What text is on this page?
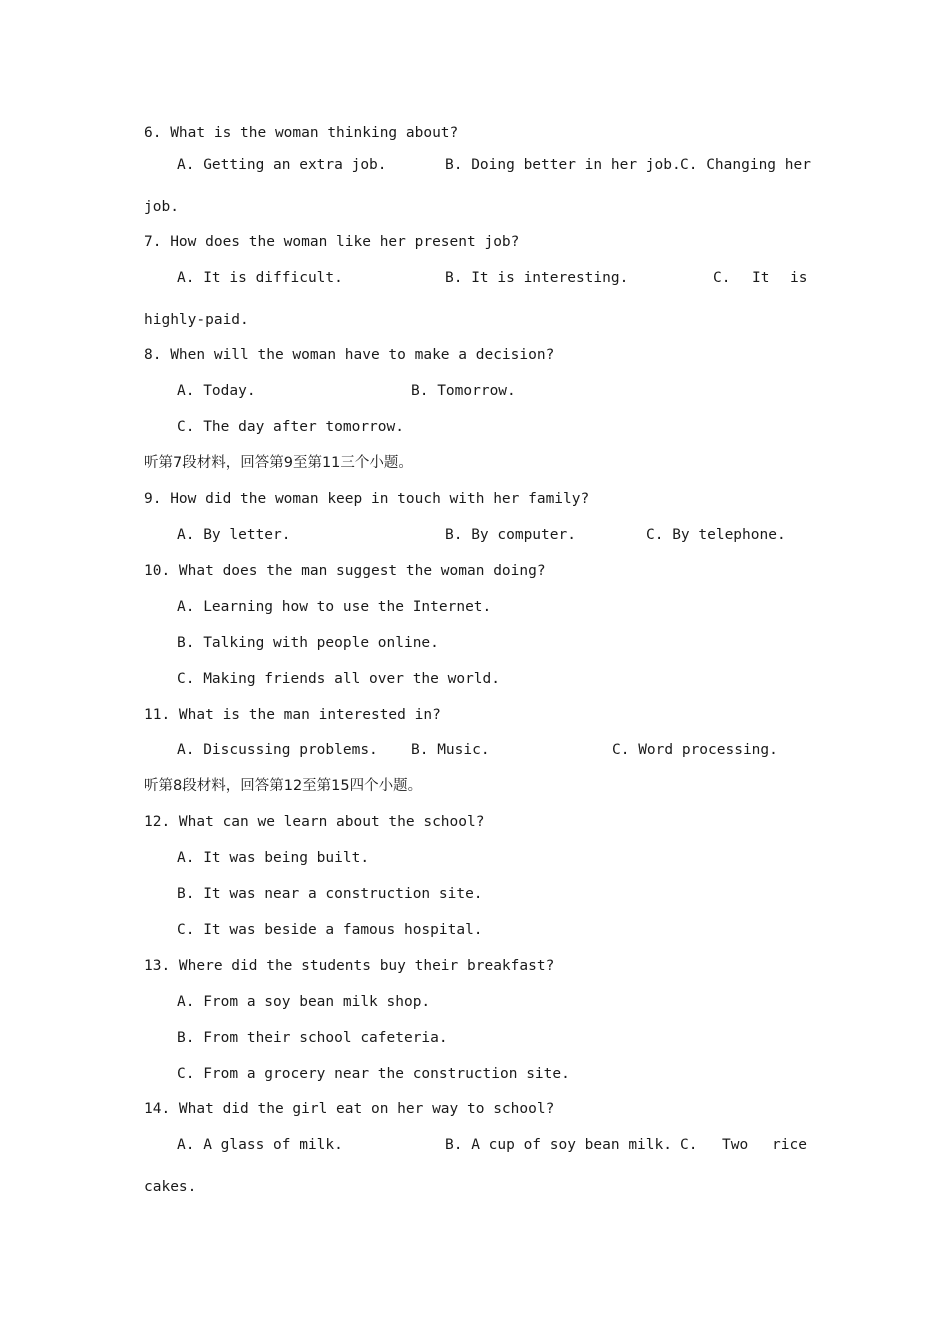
6. What is the woman thinking about?
A. Getting an extra job.	B. Doing better in her job. C. Changing her
job.
7. How does the woman like her present job?
A. It is difficult.	B. It is interesting.	C. It is
highly-paid.
8. When will the woman have to make a decision?
A. Today.	B. Tomorrow.
C. The day after tomorrow.
听第7段材料，回答第9至第11三个小题。
9. How did the woman keep in touch with her family?
A. By letter.	B. By computer.	C. By telephone.
10. What does the man suggest the woman doing?
A. Learning how to use the Internet.
B. Talking with people online.
C. Making friends all over the world.
11. What is the man interested in?
A. Discussing problems. B. Music.	C. Word processing.
听第8段材料，回答第12至第15四个小题。
12. What can we learn about the school?
A. It was being built.
B. It was near a construction site.
C. It was beside a famous hospital.
13. Where did the students buy their breakfast?
A. From a soy bean milk shop.
B. From their school cafeteria.
C. From a grocery near the construction site.
14. What did the girl eat on her way to school?
A. A glass of milk.	B. A cup of soy bean milk. C. Two rice
cakes.
